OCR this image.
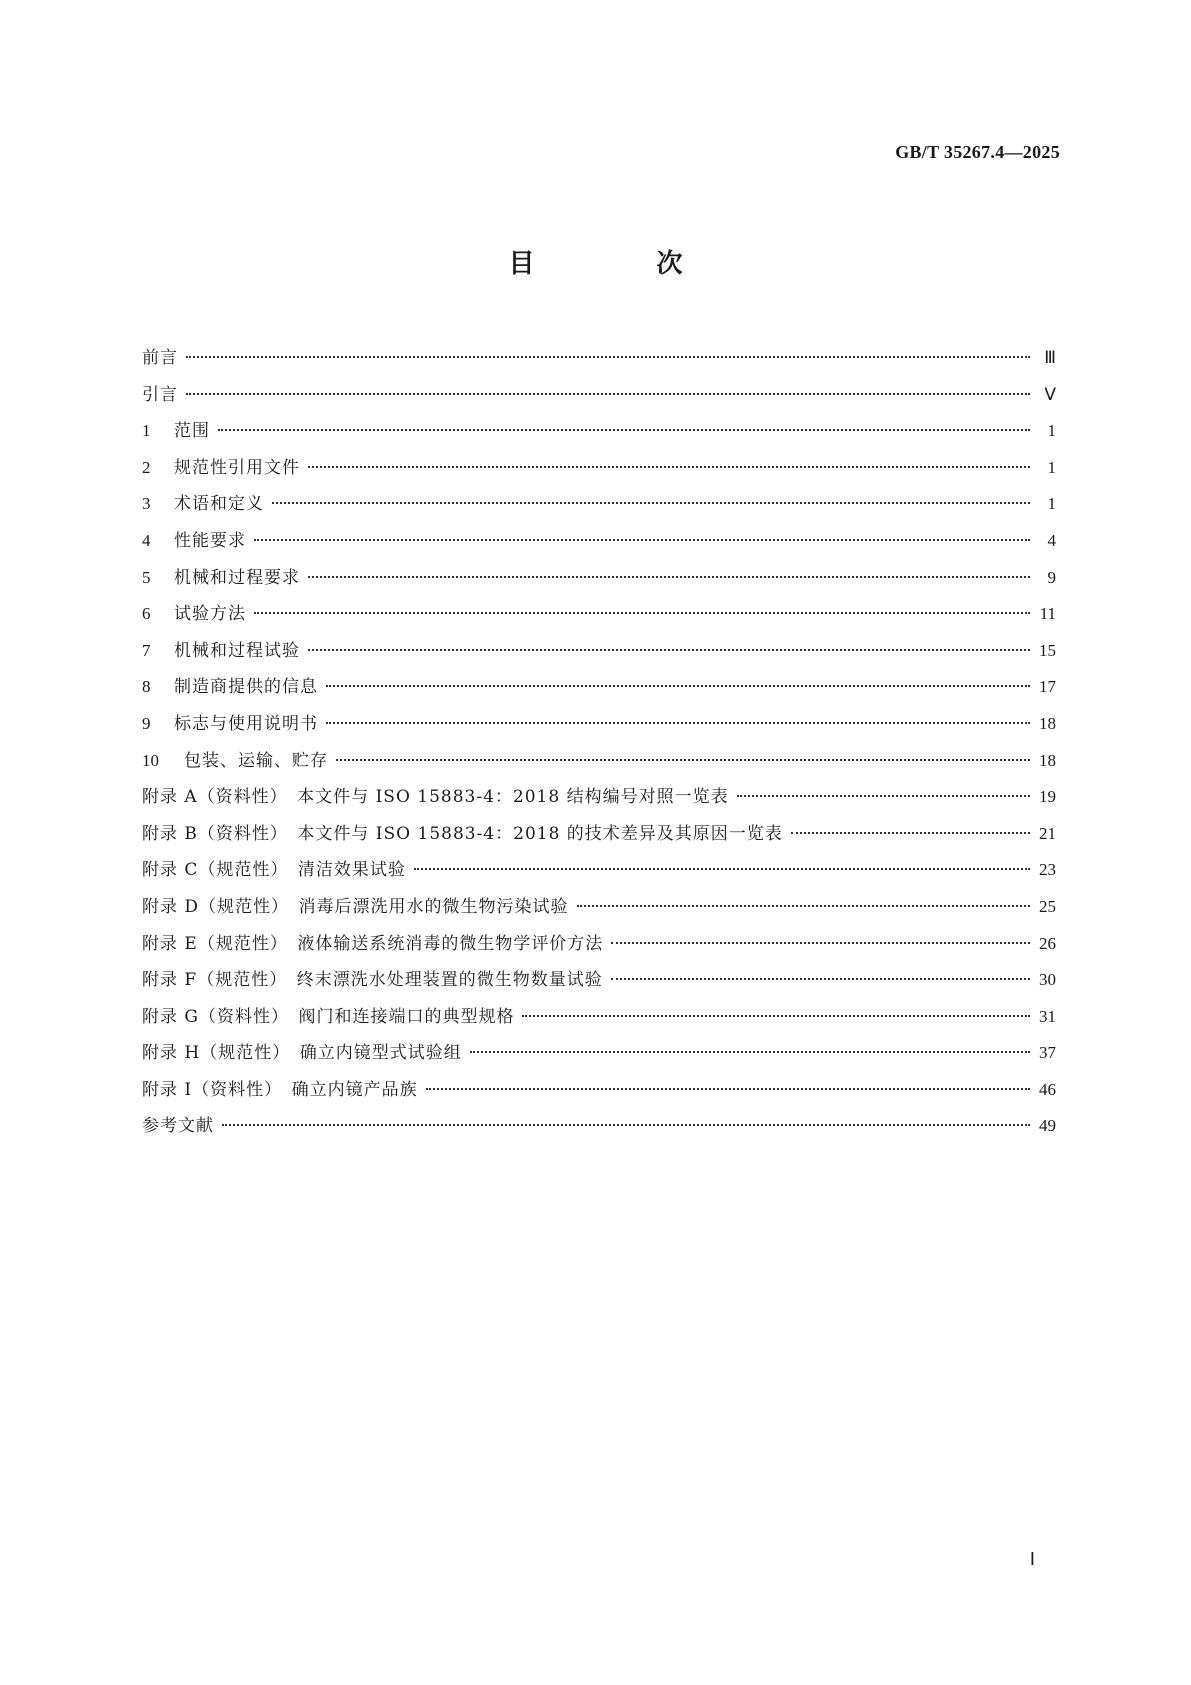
GB/T 35267.4—2025
目　次
前言	Ⅲ
引言	Ⅴ
1	范围	1
2	规范性引用文件	1
3	术语和定义	1
4	性能要求	4
5	机械和过程要求	9
6	试验方法	11
7	机械和过程试验	15
8	制造商提供的信息	17
9	标志与使用说明书	18
10	包装、运输、贮存	18
附录 A（资料性）　本文件与 ISO 15883-4：2018 结构编号对照一览表	19
附录 B（资料性）　本文件与 ISO 15883-4：2018 的技术差异及其原因一览表	21
附录 C（规范性）　清洁效果试验	23
附录 D（规范性）　消毒后漂洗用水的微生物污染试验	25
附录 E（规范性）　液体输送系统消毒的微生物学评价方法	26
附录 F（规范性）　终末漂洗水处理装置的微生物数量试验	30
附录 G（资料性）　阀门和连接端口的典型规格	31
附录 H（规范性）　确立内镜型式试验组	37
附录 I（资料性）　确立内镜产品族	46
参考文献	49
Ⅰ
